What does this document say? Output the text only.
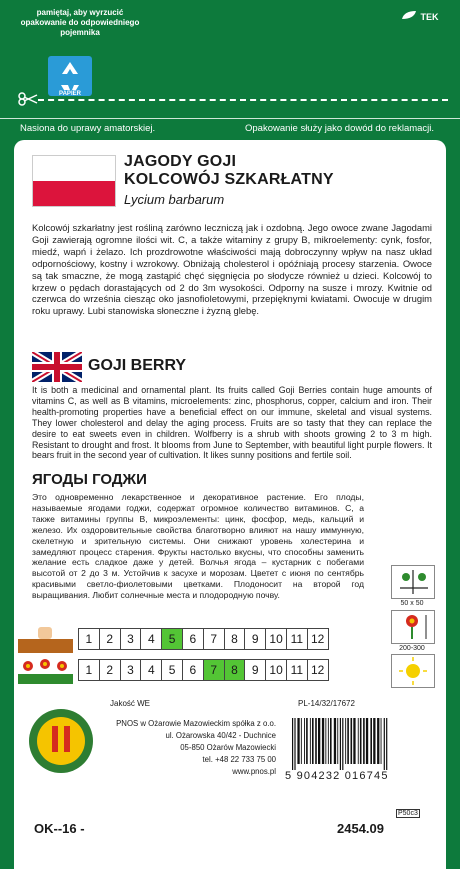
pamiętaj, aby wyrzucić opakowanie do odpowiedniego pojemnika
PAPIER
TEK
Nasiona do uprawy amatorskiej.	Opakowanie służy jako dowód do reklamacji.
JAGODY GOJI
KOLCOWÓJ SZKARŁATNY
Lycium barbarum
Kolcowój szkarłatny jest rośliną zarówno leczniczą jak i ozdobną. Jego owoce zwane Jagodami Goji zawierają ogromne ilości wit. C, a także witaminy z grupy B, mikroelementy: cynk, fosfor, miedź, wapń i żelazo. Ich prozdrowotne właściwości mają dobroczynny wpływ na nasz układ odpornościowy, kostny i wzrokowy. Obniżają cholesterol i opóźniają procesy starzenia. Owoce są tak smaczne, że mogą zastąpić chęć sięgnięcia po słodycze również u dzieci. Kolcowój to krzew o pędach dorastających od 2 do 3m wysokości. Odporny na susze i mrozy. Kwitnie od czerwca do września ciesząc oko jasnofioletowymi, przepięknymi kwiatami. Owocuje w drugim roku uprawy. Lubi stanowiska słoneczne i żyzną glebę.
GOJI BERRY
It is both a medicinal and ornamental plant. Its fruits called Goji Berries contain huge amounts of vitamins C, as well as B vitamins, microelements: zinc, phosphorus, copper, calcium and iron. Their health-promoting properties have a beneficial effect on our immune, skeletal and visual systems. They lower cholesterol and delay the aging process. Fruits are so tasty that they can replace the desire to eat sweets even in children. Wolfberry is a shrub with shoots growing 2 to 3 m high. Resistant to drought and frost. It blooms from June to September, with beautiful light purple flowers. It bears fruit in the second year of cultivation. It likes sunny positions and fertile soil.
ЯГОДЫ ГОДЖИ
Это одновременно лекарственное и декоративное растение. Его плоды, называемые ягодами годжи, содержат огромное количество витаминов. С, а также витамины группы В, микроэлементы: цинк, фосфор, медь, кальций и железо. Их оздоровительные свойства благотворно влияют на нашу иммунную, скелетную и зрительную системы. Они снижают уровень холестерина и замедляют процесс старения. Фрукты настолько вкусны, что способны заменить желание есть сладкое даже у детей. Волчья ягода – кустарник с побегами высотой от 2 до 3 м. Устойчив к засухе и морозам. Цветет с июня по сентябрь красивыми светло-фиолетовыми цветками. Плодоносит на второй год выращивания. Любит солнечные места и плодородную почву.
50 x 50
200-300
1	2	3	4	5	6	7	8	9	10	11	12
1	2	3	4	5	6	7	8	9	10	11	12
Jakość WE	PL-14/32/17672
PNOS w Ożarowie Mazowieckim spółka z o.o.
ul. Ożarowska 40/42 - Duchnice
05-850 Ożarów Mazowiecki
tel. +48 22 733 75 00
www.pnos.pl 5 904232 016745
P50c3
OK--16 -	2454.09
